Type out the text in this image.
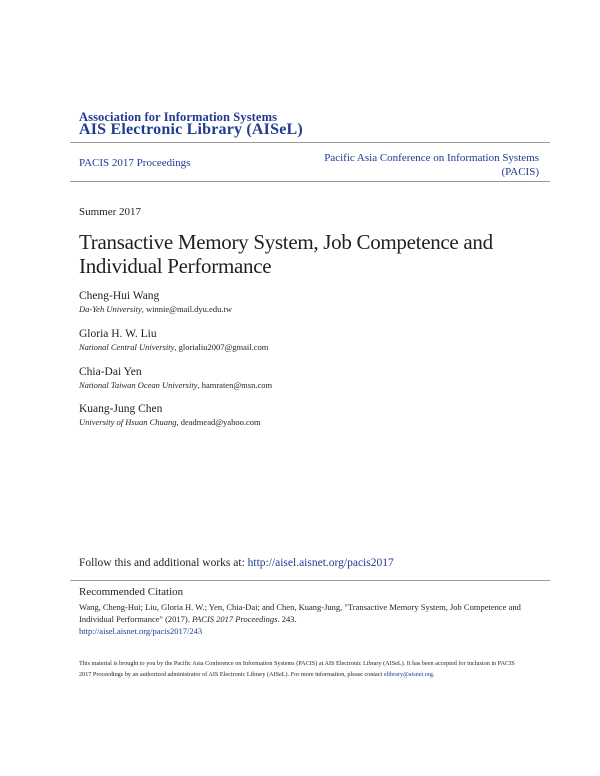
Association for Information Systems
AIS Electronic Library (AISeL)
PACIS 2017 Proceedings	Pacific Asia Conference on Information Systems
(PACIS)
Summer 2017
Transactive Memory System, Job Competence and Individual Performance
Cheng-Hui Wang
Da-Yeh University, winnie@mail.dyu.edu.tw
Gloria H. W. Liu
National Central University, glorialiu2007@gmail.com
Chia-Dai Yen
National Taiwan Ocean University, hamraten@msn.com
Kuang-Jung Chen
University of Hsuan Chuang, deadmead@yahoo.com
Follow this and additional works at: http://aisel.aisnet.org/pacis2017
Recommended Citation
Wang, Cheng-Hui; Liu, Gloria H. W.; Yen, Chia-Dai; and Chen, Kuang-Jung, "Transactive Memory System, Job Competence and Individual Performance" (2017). PACIS 2017 Proceedings. 243.
http://aisel.aisnet.org/pacis2017/243
This material is brought to you by the Pacific Asia Conference on Information Systems (PACIS) at AIS Electronic Library (AISeL). It has been accepted for inclusion in PACIS 2017 Proceedings by an authorized administrator of AIS Electronic Library (AISeL). For more information, please contact elibrary@aisnet.org.
